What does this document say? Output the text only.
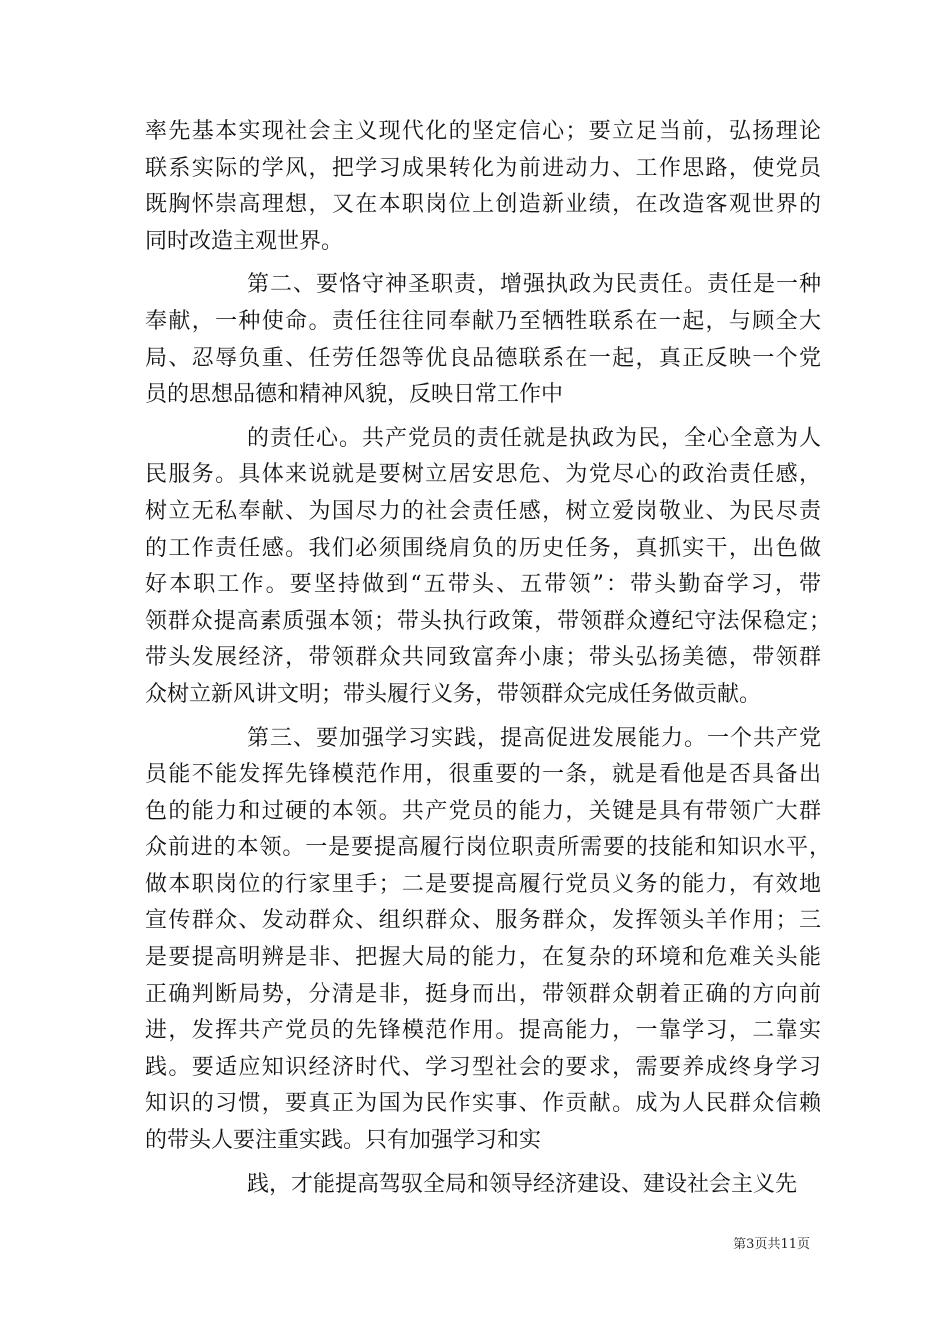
率先基本实现社会主义现代化的坚定信心；要立足当前，弘扬理论
联系实际的学风，把学习成果转化为前进动力、工作思路，使党员
既胸怀崇高理想，又在本职岗位上创造新业绩，在改造客观世界的
同时改造主观世界。
第二、要恪守神圣职责，增强执政为民责任。责任是一种
奉献，一种使命。责任往往同奉献乃至牺牲联系在一起，与顾全大
局、忍辱负重、任劳任怨等优良品德联系在一起，真正反映一个党
员的思想品德和精神风貌，反映日常工作中
的责任心。共产党员的责任就是执政为民，全心全意为人
民服务。具体来说就是要树立居安思危、为党尽心的政治责任感，
树立无私奉献、为国尽力的社会责任感，树立爱岗敬业、为民尽责
的工作责任感。我们必须围绕肩负的历史任务，真抓实干，出色做
好本职工作。要坚持做到“五带头、五带领”：带头勤奋学习，带
领群众提高素质强本领；带头执行政策，带领群众遵纪守法保稳定；
带头发展经济，带领群众共同致富奔小康；带头弘扬美德，带领群
众树立新风讲文明；带头履行义务，带领群众完成任务做贡献。
第三、要加强学习实践，提高促进发展能力。一个共产党
员能不能发挥先锋模范作用，很重要的一条，就是看他是否具备出
色的能力和过硬的本领。共产党员的能力，关键是具有带领广大群
众前进的本领。一是要提高履行岗位职责所需要的技能和知识水平，
做本职岗位的行家里手；二是要提高履行党员义务的能力，有效地
宣传群众、发动群众、组织群众、服务群众，发挥领头羊作用；三
是要提高明辨是非、把握大局的能力，在复杂的环境和危难关头能
正确判断局势，分清是非，挺身而出，带领群众朝着正确的方向前
进，发挥共产党员的先锋模范作用。提高能力，一靠学习，二靠实
践。要适应知识经济时代、学习型社会的要求，需要养成终身学习
知识的习惯，要真正为国为民作实事、作贡献。成为人民群众信赖
的带头人要注重实践。只有加强学习和实
践，才能提高驾驭全局和领导经济建设、建设社会主义先
第3页共11页
